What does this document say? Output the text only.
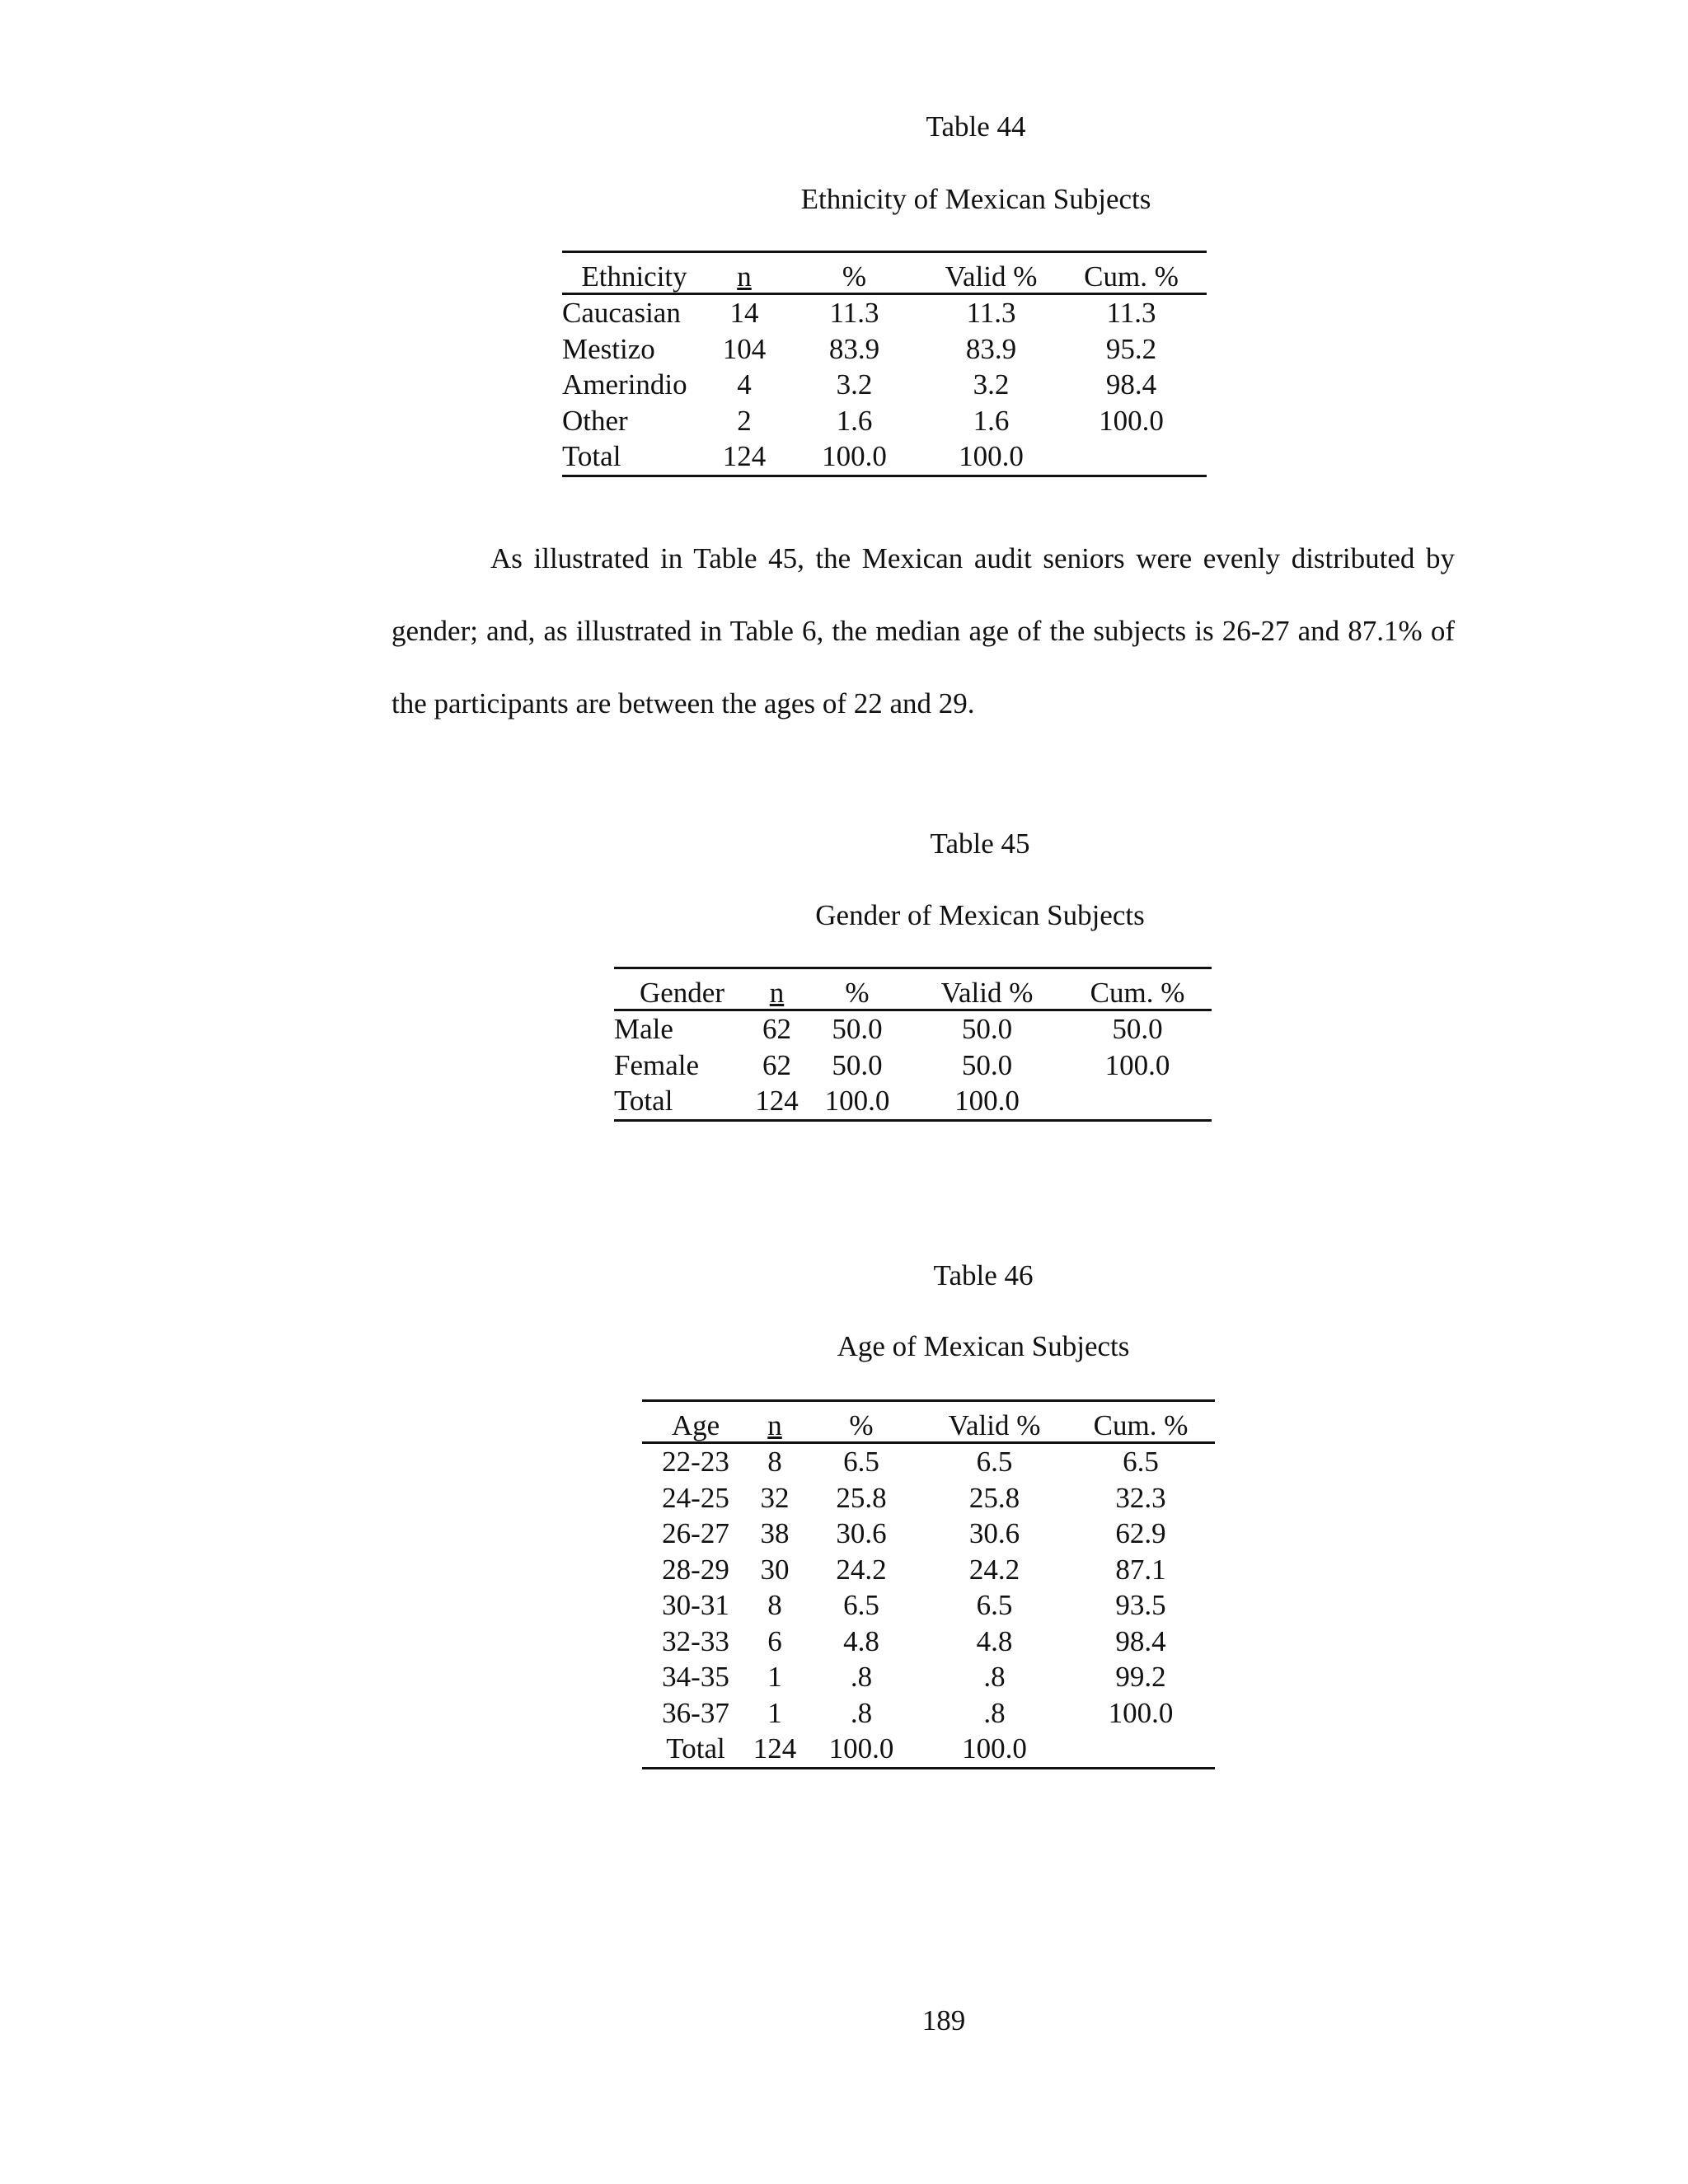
Table 44
Ethnicity of Mexican Subjects
Ethnicity	n	%	Valid %	Cum. %
Caucasian	14	11.3	11.3	11.3
Mestizo	104	83.9	83.9	95.2
Amerindio	4	3.2	3.2	98.4
Other	2	1.6	1.6	100.0
Total	124	100.0	100.0	

As illustrated in Table 45, the Mexican audit seniors were evenly distributed by gender; and, as illustrated in Table 6, the median age of the subjects is 26-27 and 87.1% of the participants are between the ages of 22 and 29.

Table 45
Gender of Mexican Subjects
Gender	n	%	Valid %	Cum. %
Male	62	50.0	50.0	50.0
Female	62	50.0	50.0	100.0
Total	124	100.0	100.0	
Table 46
Age of Mexican Subjects
Age	n	%	Valid %	Cum. %
22-23	8	6.5	6.5	6.5
24-25	32	25.8	25.8	32.3
26-27	38	30.6	30.6	62.9
28-29	30	24.2	24.2	87.1
30-31	8	6.5	6.5	93.5
32-33	6	4.8	4.8	98.4
34-35	1	.8	.8	99.2
36-37	1	.8	.8	100.0
Total	124	100.0	100.0	
189
